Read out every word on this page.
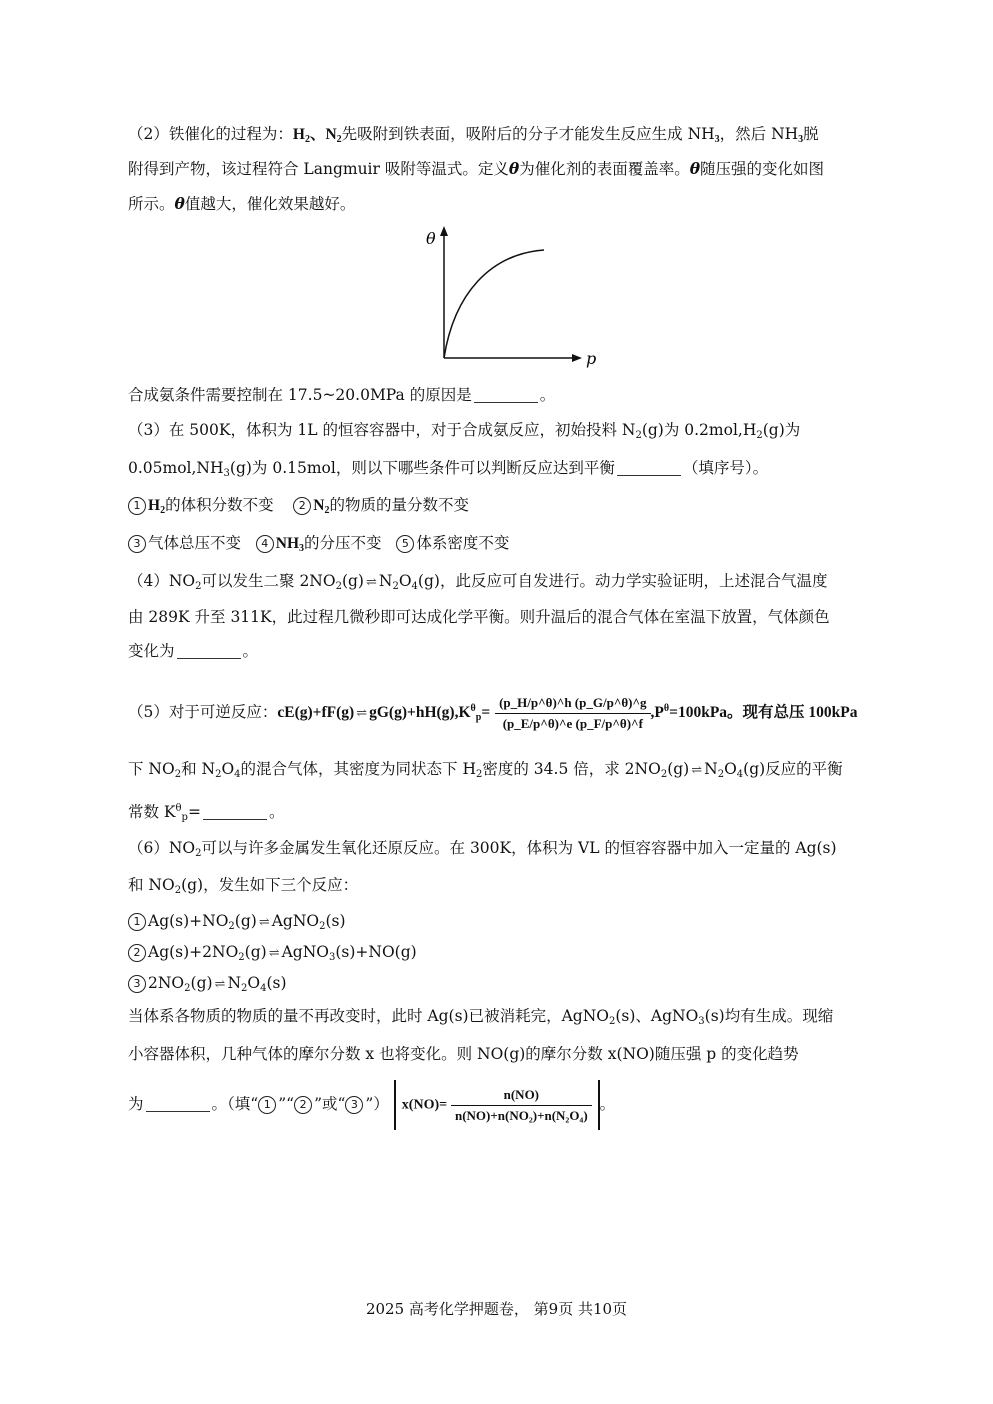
（2）铁催化的过程为：$H_2$、$N_2$先吸附到铁表面，吸附后的分子才能发生反应生成 $NH_3$，然后 $NH_3$脱
附得到产物，该过程符合 Langmuir 吸附等温式。定义θ为催化剂的表面覆盖率。θ随压强的变化如图
所示。θ值越大，催化效果越好。
θ
p
合成氨条件需要控制在 17.5~20.0MPa 的原因是	。
（3）在 500K，体积为 1L 的恒容容器中，对于合成氨反应，初始投料 $N_2(g)$为 $0.2mol,H_2(g)$为
$0.05mol,NH_3(g)$为 0.15mol，则以下哪些条件可以判断反应达到平衡	（填序号）。
1 $H_2$的体积分数不变 2 $N_2$的物质的量分数不变
3 气体总压不变 4 $NH_3$的分压不变 5 体系密度不变
$(4)NO_2$可以发生二聚 $2NO_2(g)$ ⇌ $N_2O_4(g)$，此反应可自发进行。动力学实验证明，上述混合气温度
由 289K 升至 311K，此过程几微秒即可达成化学平衡。则升温后的混合气体在室温下放置，气体颜色
变化为	。
（5）对于可逆反应：cE(g)+fF(g) ⇌ $gG(g)+hH(g),K^\theta_p= \frac{(p\_H/p\^{}\theta)\^{}h (p\_G/p\^{}\theta)\^{}g}{(p\_E/p\^{}\theta)\^{}e (p\_F/p\^{}\theta)\^{}f} ,P^\theta=100kPa$。现有总压 100kPa
下 $NO_2$和 $N_2O_4$的混合气体，其密度为同状态下 $H_2$密度的 34.5 倍，求 $2NO_2(g)$ ⇌ $N_2O_4(g)$反应的平衡
常数 $K^\theta_p=$	。
$(6)NO_2$可以与许多金属发生氧化还原反应。在 300K，体积为 VL 的恒容容器中加入一定量的 Ag(s)
和 $NO_2(g)$，发生如下三个反应：
1 $Ag(s)+NO_2(g)$ ⇌ AgNO$_2$(s)
2 $Ag(s)+2NO_2(g)$ ⇌ AgNO$_3$(s)+NO(g)
3 $2NO_2(g)$ ⇌ $N_2O_4(s)$
当体系各物质的物质的量不再改变时，此时 Ag(s)已被消耗完，AgNO$_2$(s)、AgNO$_3$(s)均有生成。现缩
小容器体积，几种气体的摩尔分数 x 也将变化。则 NO(g)的摩尔分数 x(NO)随压强 p 的变化趋势
为	。（填“ 1 ”“ 2 ”或“ 3 ”） $x(NO)= \frac{n(NO)}{\text{n(NO)+n(NO₂)+n(N₂O₄)}}$ 。
2025 高考化学押题卷， 第9页 共10页
